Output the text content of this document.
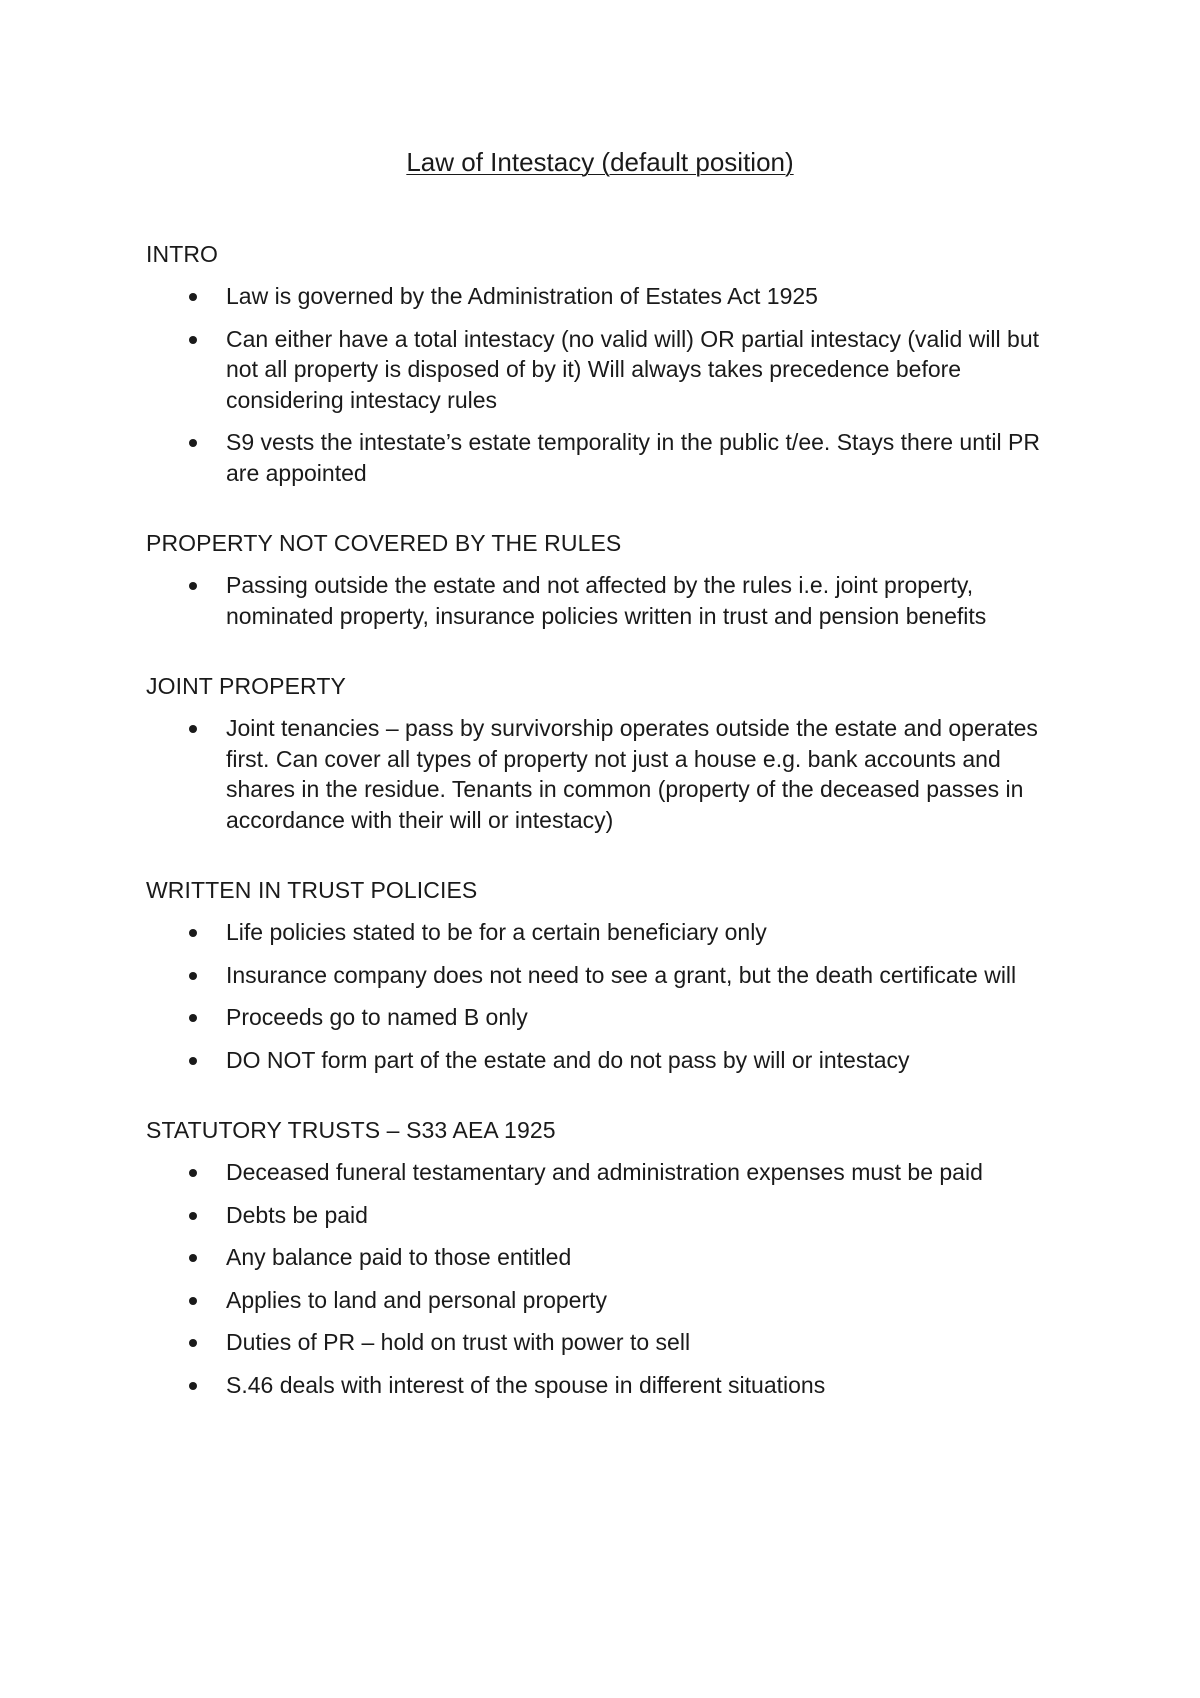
Law of Intestacy (default position)
INTRO
Law is governed by the Administration of Estates Act 1925
Can either have a total intestacy (no valid will) OR partial intestacy (valid will but not all property is disposed of by it) Will always takes precedence before considering intestacy rules
S9 vests the intestate’s estate temporality in the public t/ee. Stays there until PR are appointed
PROPERTY NOT COVERED BY THE RULES
Passing outside the estate and not affected by the rules i.e. joint property, nominated property, insurance policies written in trust and pension benefits
JOINT PROPERTY
Joint tenancies – pass by survivorship operates outside the estate and operates first. Can cover all types of property not just a house e.g. bank accounts and shares in the residue. Tenants in common (property of the deceased passes in accordance with their will or intestacy)
WRITTEN IN TRUST POLICIES
Life policies stated to be for a certain beneficiary only
Insurance company does not need to see a grant, but the death certificate will
Proceeds go to named B only
DO NOT form part of the estate and do not pass by will or intestacy
STATUTORY TRUSTS – S33 AEA 1925
Deceased funeral testamentary and administration expenses must be paid
Debts be paid
Any balance paid to those entitled
Applies to land and personal property
Duties of PR – hold on trust with power to sell
S.46 deals with interest of the spouse in different situations
